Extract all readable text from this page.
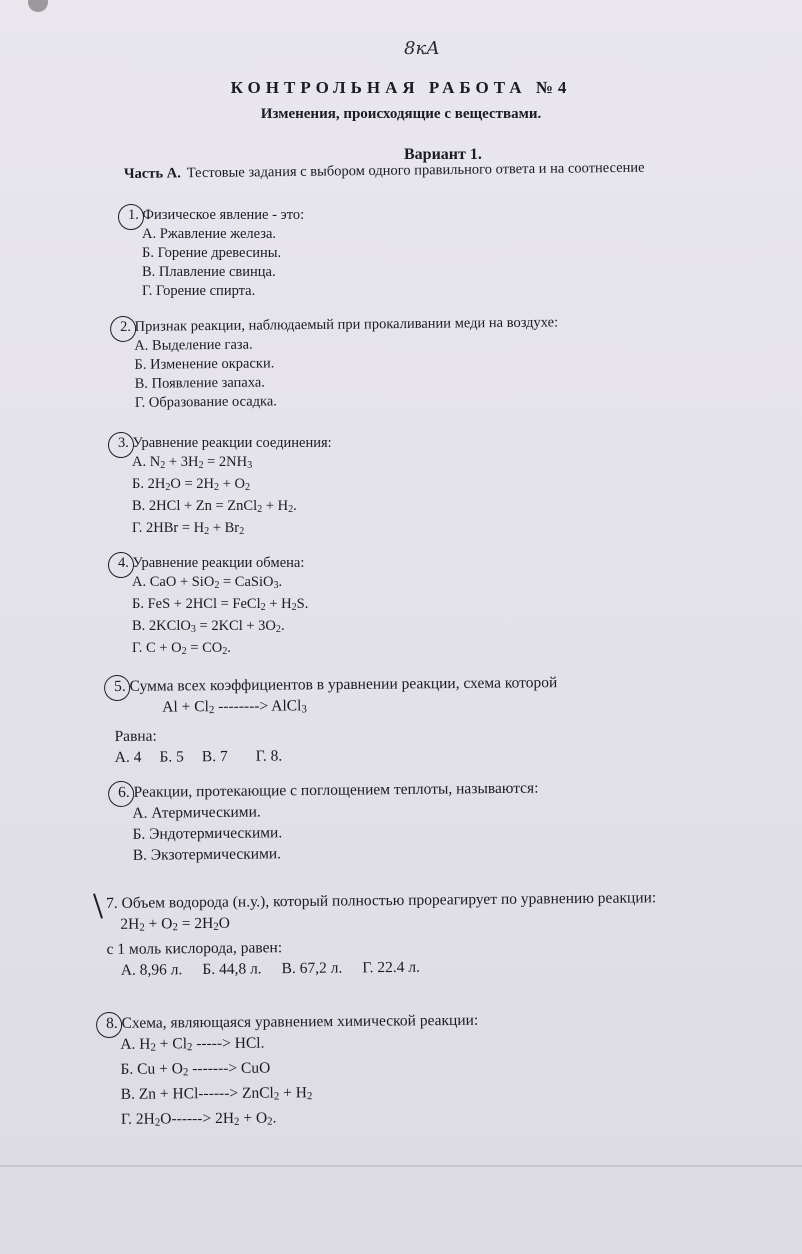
8кА
КОНТРОЛЬНАЯ РАБОТА №4
Изменения, происходящие с веществами.
Вариант 1.
Часть А. Тестовые задания с выбором одного правильного ответа и на соотнесение
1. Физическое явление - это:
А. Ржавление железа.
Б. Горение древесины.
В. Плавление свинца.
Г. Горение спирта.
2. Признак реакции, наблюдаемый при прокаливании меди на воздухе:
А. Выделение газа.
Б. Изменение окраски.
В. Появление запаха.
Г. Образование осадка.
3. Уравнение реакции соединения:
А. $N_2 + 3H_2 = 2NH_3$
Б. $2H_2O = 2H_2 + O_2$
В. 2HCl + Zn = ZnCl$_2$ + $H_2$.
Г. $2HBr = H_2 + Br_2$
4. Уравнение реакции обмена:
А. CaO + SiO$_2$ = CaSiO$_3$.
Б. FeS + 2HCl = FeCl$_2$ + $H_2S$.
В. 2KClO$_3$ = $2KCl + 3O_2$.
Г. $C + O_2 = CO_2$.
5. Сумма всех коэффициентов в уравнении реакции, схема которой
$Al + Cl_2$ --------> AlCl$_3$
Равна:
А. 4 Б. 5 В. 7 Г. 8.
6. Реакции, протекающие с поглощением теплоты, называются:
А. Атермическими.
Б. Эндотермическими.
В. Экзотермическими.
7. Объем водорода (н.у.), который полностью прореагирует по уравнению реакции:
$2H_2 + O_2 = 2H_2O$
с 1 моль кислорода, равен:
А. 8,96 л. Б. 44,8 л. В. 67,2 л. Г. 22.4 л.
8. Схема, являющаяся уравнением химической реакции:
А. $H_2 + Cl_2$ -----> HCl.
Б. $Cu + O_2$ -------> CuO
В. Zn + HCl------> ZnCl$_2$ + $H_2$
Г. $2H_2O------> 2H_2 + O_2$.
